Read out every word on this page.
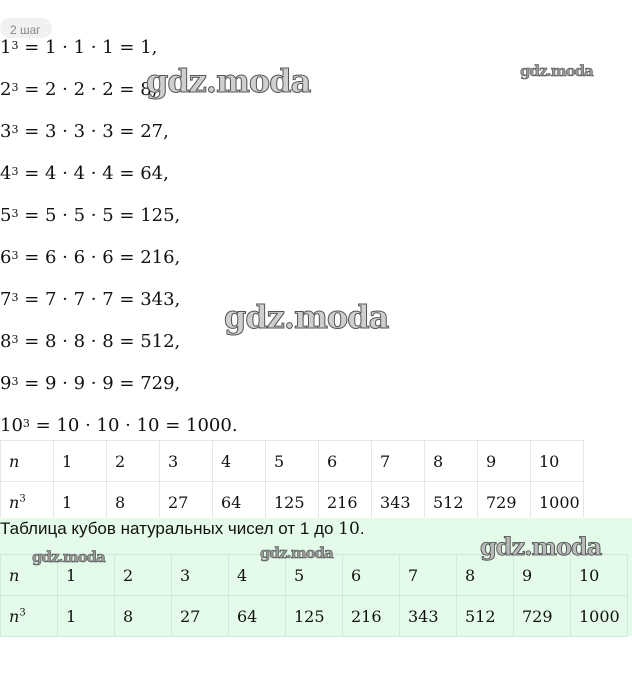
2 шаг
$1^3 = 1 \cdot 1 \cdot 1 = 1$,
$2^3 = 2 \cdot 2 \cdot 2 = 8$,
$3^3 = 3 \cdot 3 \cdot 3 = 27$,
$4^3 = 4 \cdot 4 \cdot 4 = 64$,
$5^3 = 5 \cdot 5 \cdot 5 = 125$,
$6^3 = 6 \cdot 6 \cdot 6 = 216$,
$7^3 = 7 \cdot 7 \cdot 7 = 343$,
$8^3 = 8 \cdot 8 \cdot 8 = 512$,
$9^3 = 9 \cdot 9 \cdot 9 = 729$,
$10^3 = 10 \cdot 10 \cdot 10 = 1000$.
n	1	2	3	4	5	6	7	8	9	10
$n^3$	1	8	27	64	125	216	343	512	729	1000
Таблица кубов натуральных чисел от 1 до 10.
n	1	2	3	4	5	6	7	8	9	10
$n^3$	1	8	27	64	125	216	343	512	729	1000
gdz.moda	gdz.moda
gdz.moda
gdz.moda	gdz.moda	gdz.moda
